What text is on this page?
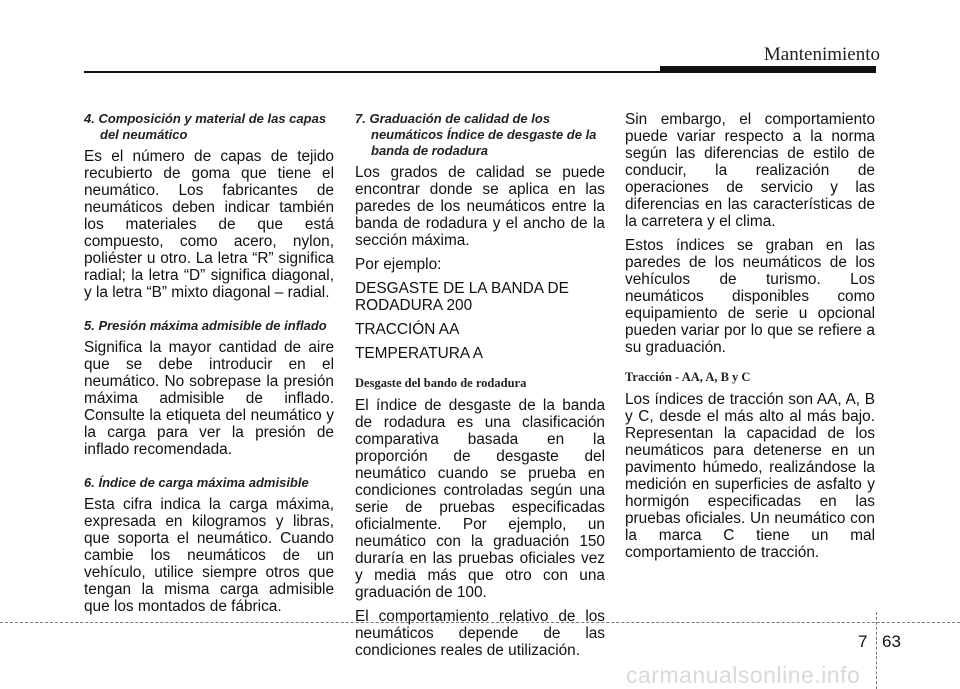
Mantenimiento

4. Composición y material de las capas del neumático

Es el número de capas de tejido recubierto de goma que tiene el neumático. Los fabricantes de neumáticos deben indicar también los materiales de que está compuesto, como acero, nylon, poliéster u otro. La letra “R” significa radial; la letra “D” significa diagonal, y la letra “B” mixto diagonal – radial.

5. Presión máxima admisible de inflado

Significa la mayor cantidad de aire que se debe introducir en el neumático. No sobrepase la presión máxima admisible de inflado. Consulte la etiqueta del neumático y la carga para ver la presión de inflado recomendada.

6. Índice de carga máxima admisible

Esta cifra indica la carga máxima, expresada en kilogramos y libras, que soporta el neumático. Cuando cambie los neumáticos de un vehículo, utilice siempre otros que tengan la misma carga admisible que los montados de fábrica.

7. Graduación de calidad de los neumáticos Índice de desgaste de la banda de rodadura

Los grados de calidad se puede encontrar donde se aplica en las paredes de los neumáticos entre la banda de rodadura y el ancho de la sección máxima.

Por ejemplo:

DESGASTE DE LA BANDA DE RODADURA 200

TRACCIÓN AA

TEMPERATURA A

Desgaste del bando de rodadura

El índice de desgaste de la banda de rodadura es una clasificación comparativa basada en la proporción de desgaste del neumático cuando se prueba en condiciones controladas según una serie de pruebas especificadas oficialmente. Por ejemplo, un neumático con la graduación 150 duraría en las pruebas oficiales vez y media más que otro con una graduación de 100.

El comportamiento relativo de los neumáticos depende de las condiciones reales de utilización.

Sin embargo, el comportamiento puede variar respecto a la norma según las diferencias de estilo de conducir, la realización de operaciones de servicio y las diferencias en las características de la carretera y el clima.

Estos índices se graban en las paredes de los neumáticos de los vehículos de turismo. Los neumáticos disponibles como equipamiento de serie u opcional pueden variar por lo que se refiere a su graduación.

Tracción - AA, A, B y C

Los índices de tracción son AA, A, B y C, desde el más alto al más bajo. Representan la capacidad de los neumáticos para detenerse en un pavimento húmedo, realizándose la medición en superficies de asfalto y hormigón especificadas en las pruebas oficiales. Un neumático con la marca C tiene un mal comportamiento de tracción.

7 63
carmanualsonline.info
